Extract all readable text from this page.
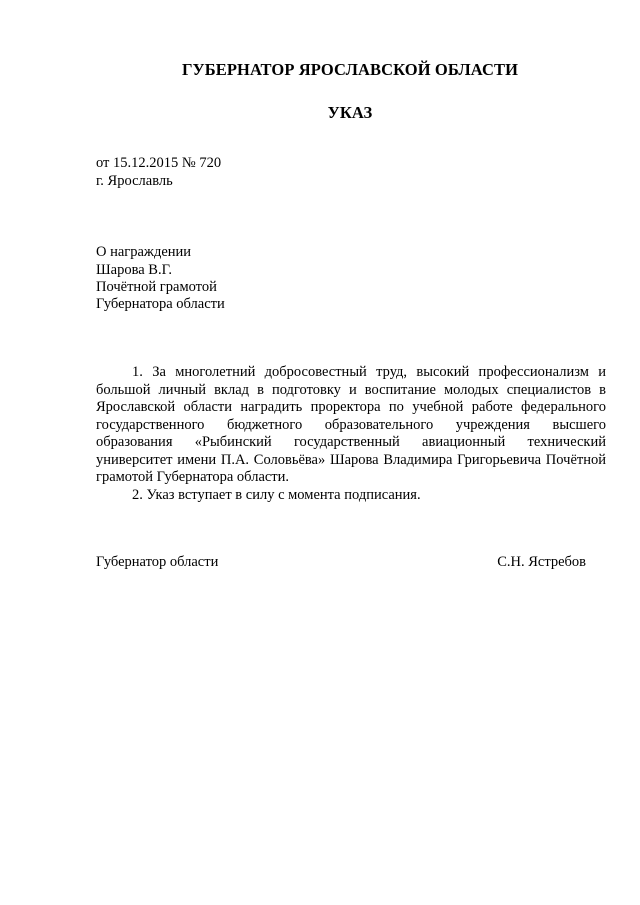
ГУБЕРНАТОР ЯРОСЛАВСКОЙ ОБЛАСТИ
УКАЗ
от 15.12.2015 № 720
г. Ярославль
О награждении
Шарова В.Г.
Почётной грамотой
Губернатора области

1. За многолетний добросовестный труд, высокий профессионализм и большой личный вклад в подготовку и воспитание молодых специалистов в Ярославской области наградить проректора по учебной работе федерального государственного бюджетного образовательного учреждения высшего образования «Рыбинский государственный авиационный технический университет имени П.А. Соловьёва» Шарова Владимира Григорьевича Почётной грамотой Губернатора области.

2. Указ вступает в силу с момента подписания.

Губернатор области	С.Н. Ястребов
